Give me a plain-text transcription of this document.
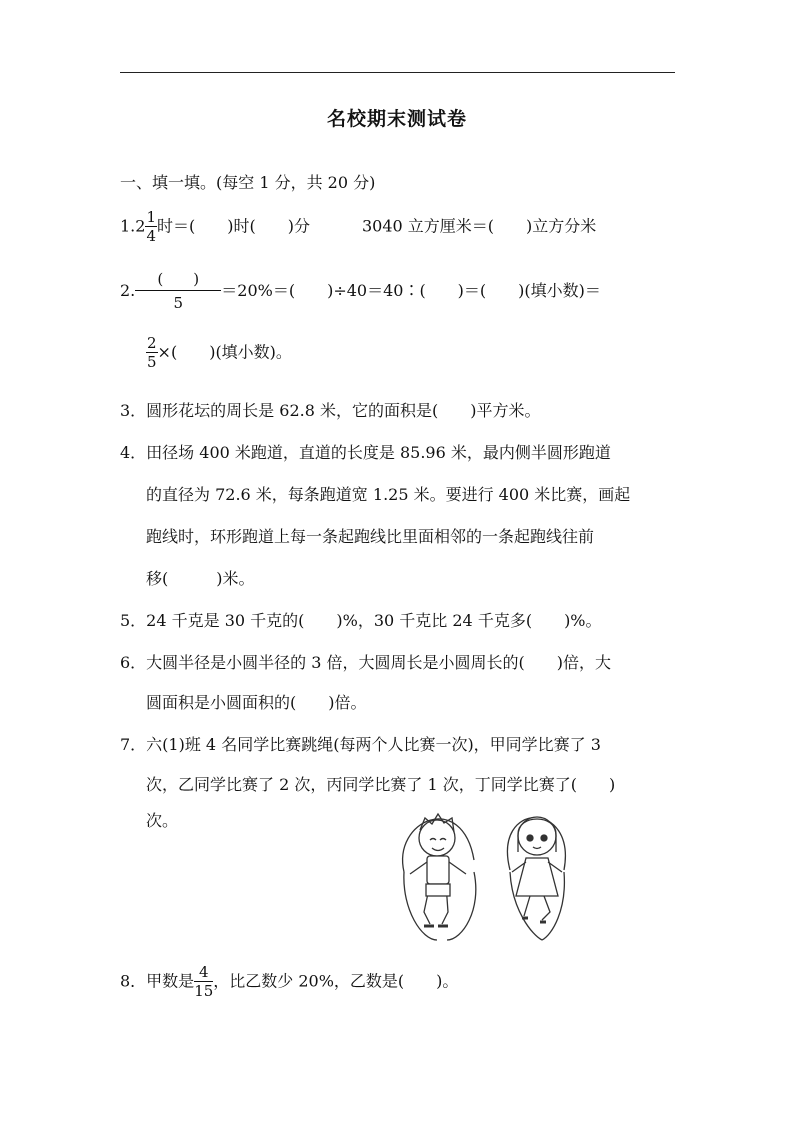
名校期末测试卷
一、填一填。(每空 1 分，共 20 分)
$1.2 \frac{1}{4}$ 时＝(　　)时(　　)分	3040 立方厘米＝(　　)立方分米
2. $\frac{( )}{5} =20\%=$(　　)÷40＝40∶(　　)＝(　　)(填小数)＝
$\frac{2}{5}$ ×(　　)(填小数)。
3．圆形花坛的周长是 62.8 米，它的面积是(　　)平方米。
4．田径场 400 米跑道，直道的长度是 85.96 米，最内侧半圆形跑道
的直径为 72.6 米，每条跑道宽 1.25 米。要进行 400 米比赛，画起
跑线时，环形跑道上每一条起跑线比里面相邻的一条起跑线往前
移(　　　)米。
5．24 千克是 30 千克的(　　)%，30 千克比 24 千克多(　　)%。
6．大圆半径是小圆半径的 3 倍，大圆周长是小圆周长的(　　)倍，大
圆面积是小圆面积的(　　)倍。
7．六(1)班 4 名同学比赛跳绳(每两个人比赛一次)，甲同学比赛了 3
次，乙同学比赛了 2 次，丙同学比赛了 1 次，丁同学比赛了(　　)
次。
8．甲数是 $\frac{4}{15}$ ，比乙数少 20%，乙数是(　　)。
